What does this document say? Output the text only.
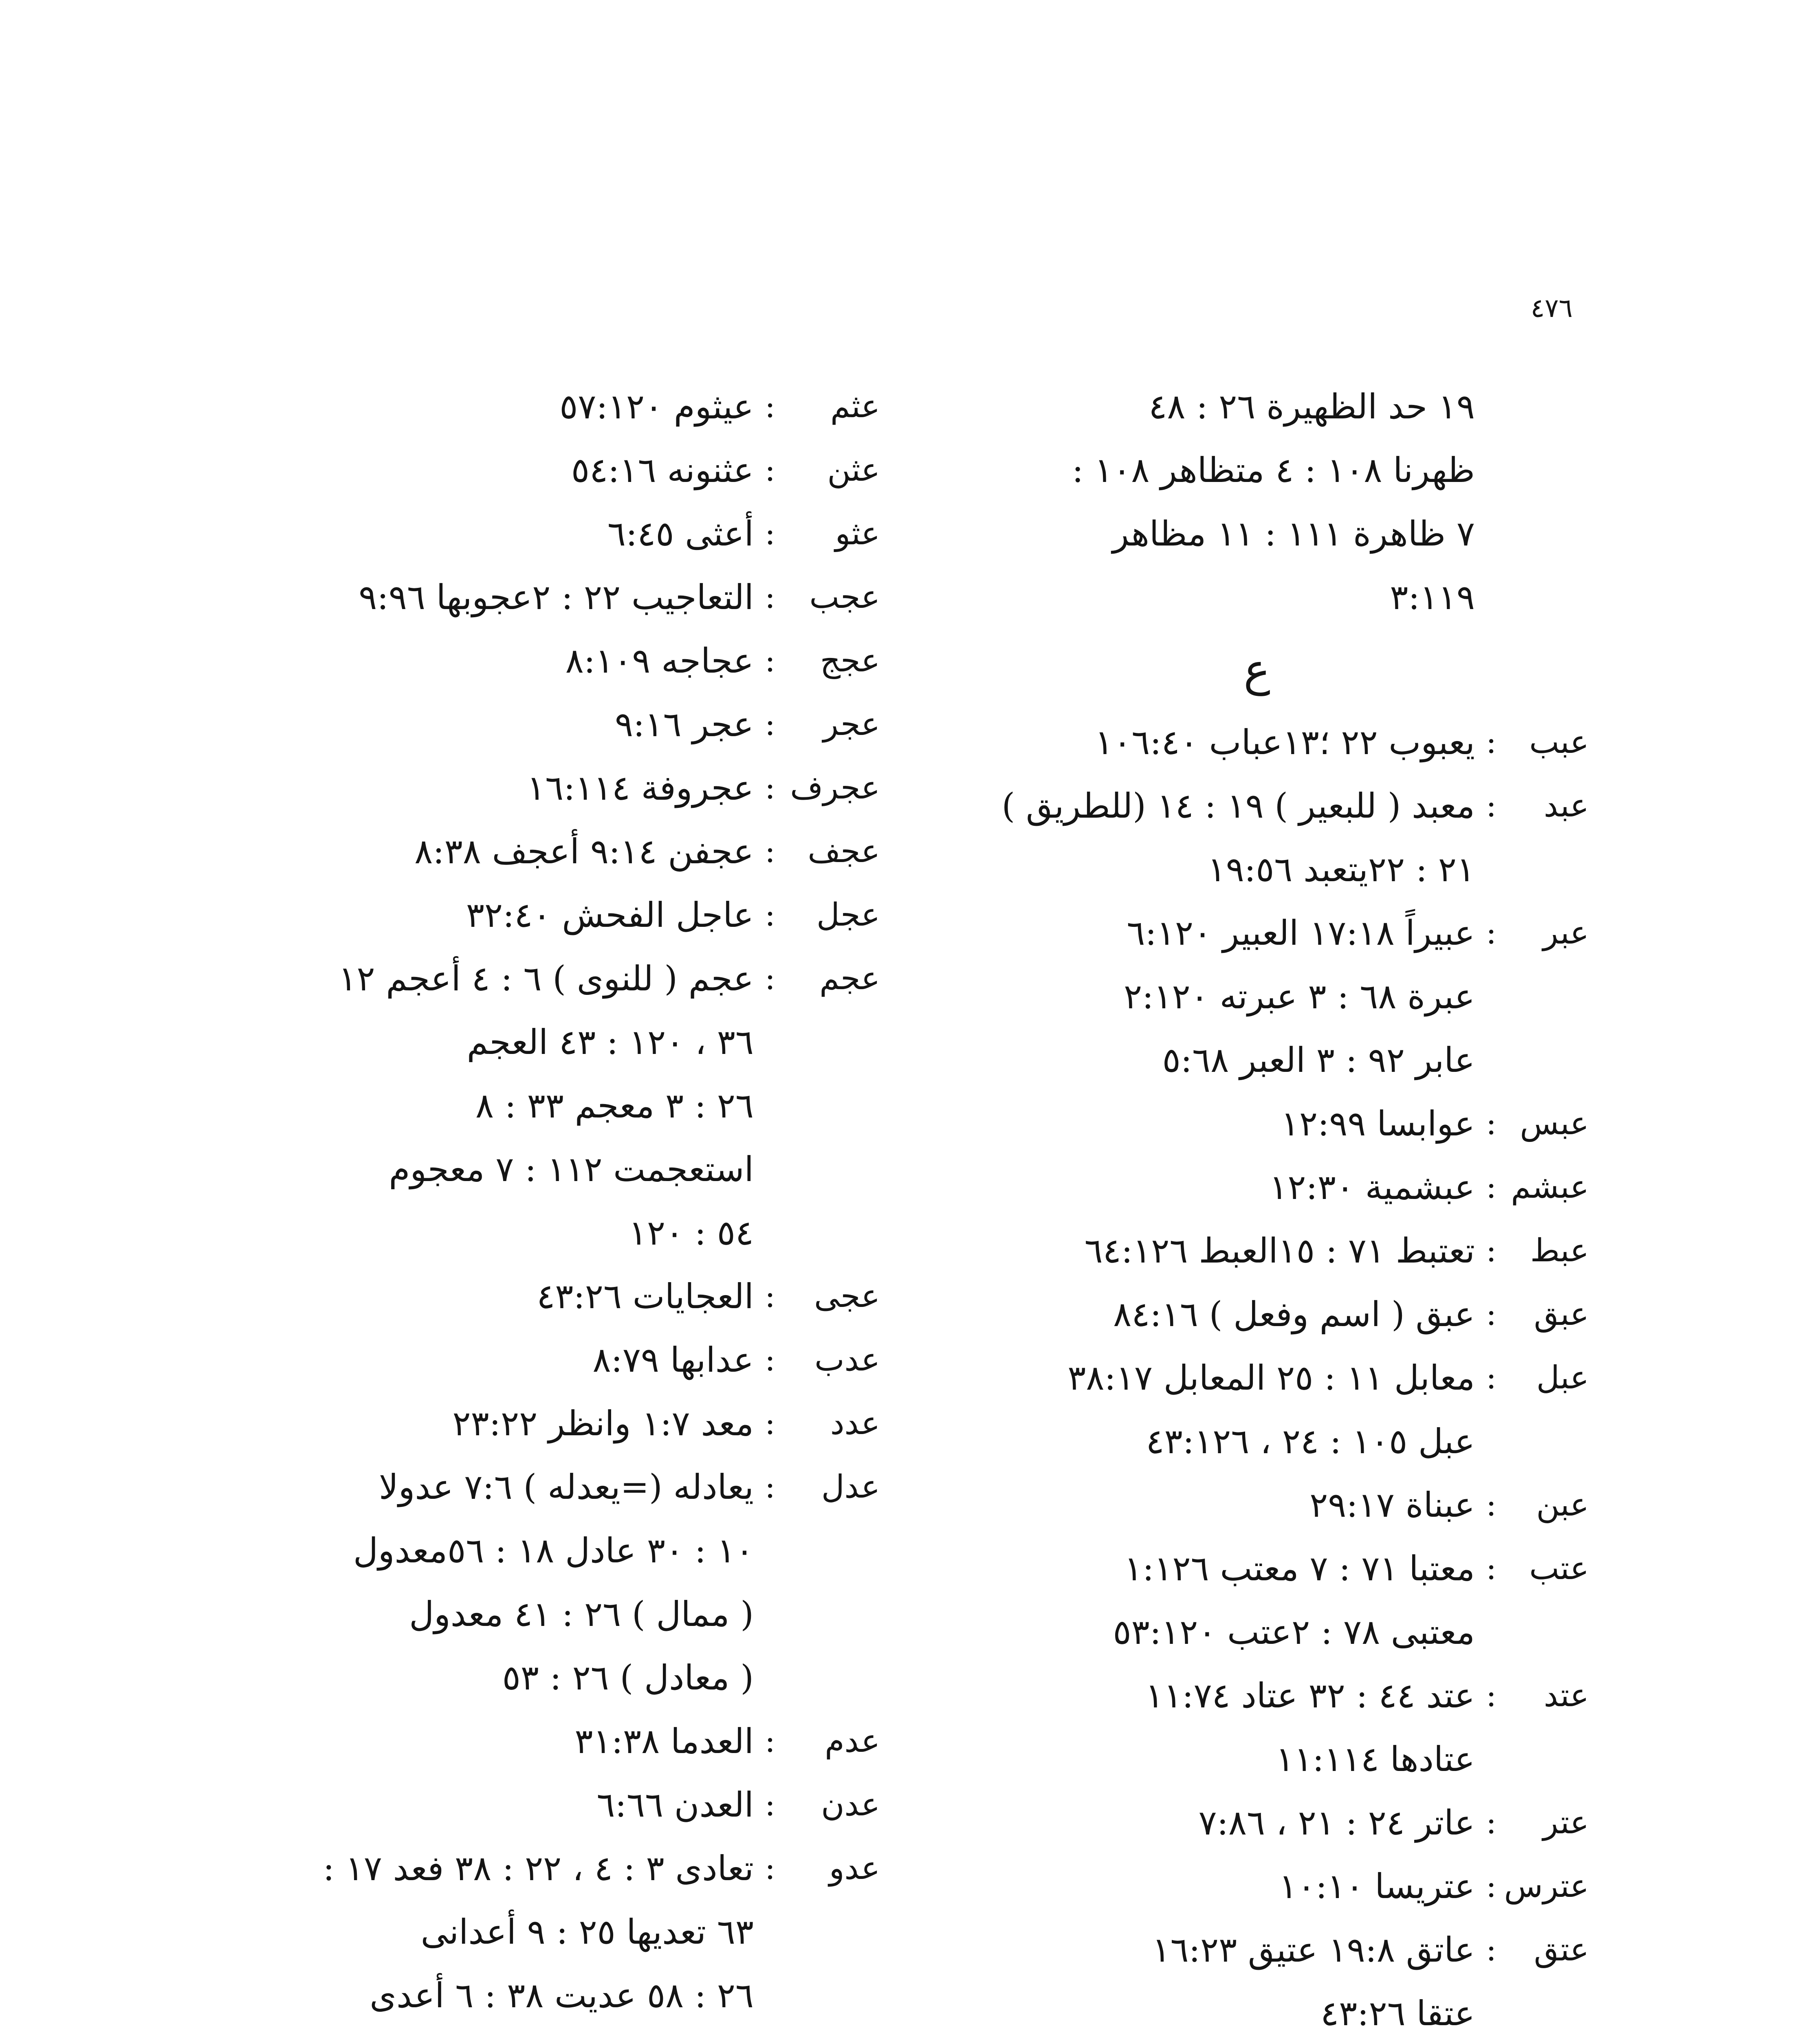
٤٧٦
١٩ حد الظهيرة ٢٦ : ٤٨
ظهرنا ١٠٨ : ٤ متظاهر ١٠٨ :
٧ ظاهرة ١١١ : ١١ مظاهر
٣:١١٩
ع
عبب
:
يعبوب ٢٢ ؛١٣عباب ١٠٦:٤٠
عبد
:
معبد ( للبعير ) ١٩ : ١٤ (للطريق )
٢١ : ٢٢يتعبد ١٩:٥٦
عبر
:
عبيراً ١٧:١٨ العبير ٦:١٢٠
عبرة ٦٨ : ٣ عبرته ٢:١٢٠
عابر ٩٢ : ٣ العبر ٥:٦٨
عبس
:
عوابسا ١٢:٩٩
عبشم
:
عبشمية ١٢:٣٠
عبط
:
تعتبط ٧١ : ١٥العبط ٦٤:١٢٦
عبق
:
عبق ( اسم وفعل ) ٨٤:١٦
عبل
:
معابل ١١ : ٢٥ المعابل ٣٨:١٧
عبل ١٠٥ : ٢٤ ، ٤٣:١٢٦
عبن
:
عبناة ٢٩:١٧
عتب
:
معتبا ٧١ : ٧ معتب ١:١٢٦
معتبى ٧٨ : ٢عتب ٥٣:١٢٠
عتد
:
عتد ٤٤ : ٣٢ عتاد ١١:٧٤
عتادها ١١:١١٤
عتر
:
عاتر ٢٤ : ٢١ ، ٧:٨٦
عترس
:
عتريسا ١٠:١٠
عتق
:
عاتق ١٩:٨ عتيق ١٦:٢٣
عتقا ٤٣:٢٦
عثم
:
عيثوم ٥٧:١٢٠
عثن
:
عثنونه ٥٤:١٦
عثو
:
أعثى ٦:٤٥
عجب
:
التعاجيب ٢٢ : ٢عجوبها ٩:٩٦
عجج
:
عجاجه ٨:١٠٩
عجر
:
عجر ٩:١٦
عجرف
:
عجروفة ١٦:١١٤
عجف
:
عجفن ٩:١٤ أعجف ٨:٣٨
عجل
:
عاجل الفحش ٣٢:٤٠
عجم
:
عجم ( للنوى ) ٦ : ٤ أعجم ١٢
٣٦ ، ١٢٠ : ٤٣ العجم
٢٦ : ٣ معجم ٣٣ : ٨
استعجمت ١١٢ : ٧ معجوم
٥٤ : ١٢٠
عجى
:
العجايات ٤٣:٢٦
عدب
:
عدابها ٨:٧٩
عدد
:
معد ١:٧ وانظر ٢٣:٢٢
عدل
:
يعادله (=يعدله ) ٧:٦ عدولا
١٠ : ٣٠ عادل ١٨ : ٥٦معدول
( ممال ) ٢٦ : ٤١ معدول
( معادل ) ٢٦ : ٥٣
عدم
:
العدما ٣١:٣٨
عدن
:
العدن ٦:٦٦
عدو
:
تعادى ٣ : ٤ ، ٢٢ : ٣٨ فعد ١٧ :
٦٣ تعديها ٢٥ : ٩ أعدانى
٢٦ : ٥٨ عديت ٣٨ : ٦ أعدى
